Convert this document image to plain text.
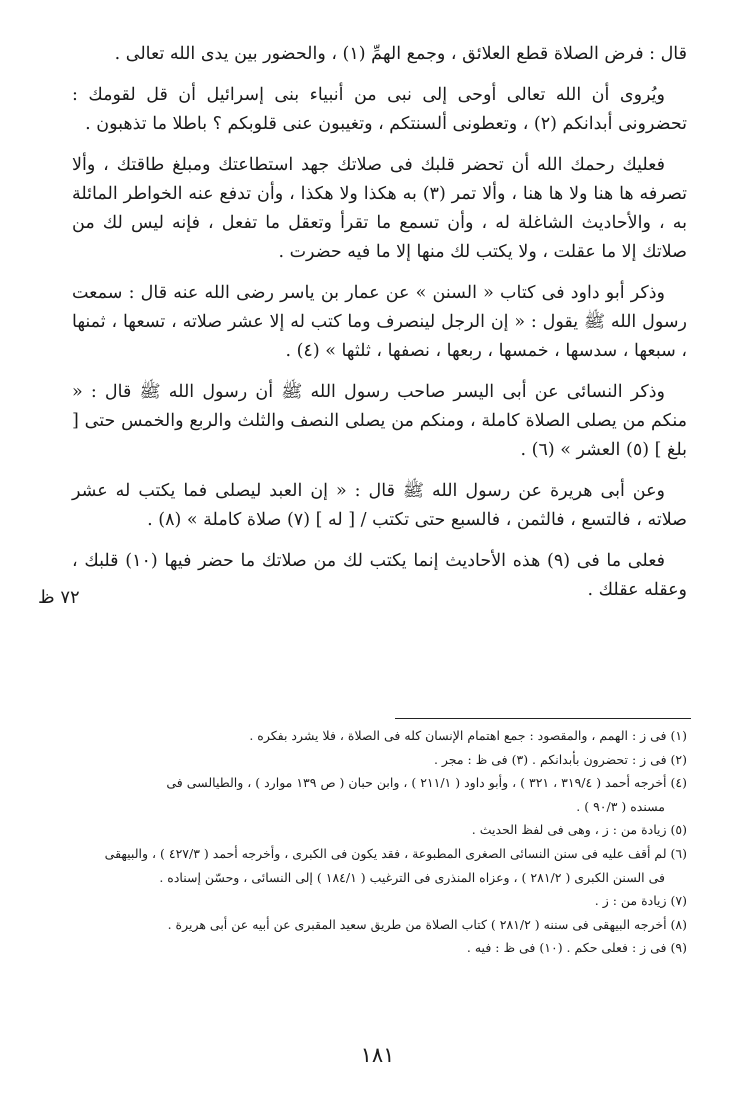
قال : فرض الصلاة قطع العلائق ، وجمع الهمِّ (١) ، والحضور بين يدى الله تعالى .

ويُروى أن الله تعالى أوحى إلى نبى من أنبياء بنى إسرائيل أن قل لقومك : تحضرونى أبدانكم (٢) ، وتعطونى ألسنتكم ، وتغيبون عنى قلوبكم ؟ باطلا ما تذهبون .

فعليك رحمك الله أن تحضر قلبك فى صلاتك جهد استطاعتك ومبلغ طاقتك ، وألا تصرفه ها هنا ولا ها هنا ، وألا تمر (٣) به هكذا ولا هكذا ، وأن تدفع عنه الخواطر المائلة به ، والأحاديث الشاغلة له ، وأن تسمع ما تقرأ وتعقل ما تفعل ، فإنه ليس لك من صلاتك إلا ما عقلت ، ولا يكتب لك منها إلا ما فيه حضرت .

وذكر أبو داود فى كتاب « السنن » عن عمار بن ياسر رضى الله عنه قال : سمعت رسول الله ﷺ يقول : « إن الرجل لينصرف وما كتب له إلا عشر صلاته ، تسعها ، ثمنها ، سبعها ، سدسها ، خمسها ، ربعها ، نصفها ، ثلثها » (٤) .

وذكر النسائى عن أبى اليسر صاحب رسول الله ﷺ أن رسول الله ﷺ قال : « منكم من يصلى الصلاة كاملة ، ومنكم من يصلى النصف والثلث والربع والخمس حتى [ بلغ ] (٥) العشر » (٦) .

وعن أبى هريرة عن رسول الله ﷺ قال : « إن العبد ليصلى فما يكتب له عشر صلاته ، فالتسع ، فالثمن ، فالسبع حتى تكتب / [ له ] (٧) صلاة كاملة » (٨) .

فعلى ما فى (٩) هذه الأحاديث إنما يكتب لك من صلاتك ما حضر فيها (١٠) قلبك ، وعقله عقلك .

٧٢ ظ
(١) فى ز : الهمم ، والمقصود : جمع اهتمام الإنسان كله فى الصلاة ، فلا يشرد بفكره .
(٢) فى ز : تحضرون بأبدانكم . (٣) فى ظ : مجر .
(٤) أخرجه أحمد ( ٣١٩/٤ ، ٣٢١ ) ، وأبو داود ( ٢١١/١ ) ، وابن حبان ( ص ١٣٩ موارد ) ، والطيالسى فى
مسنده ( ٩٠/٣ ) .
(٥) زيادة من : ز ، وهى فى لفظ الحديث .
(٦) لم أقف عليه فى سنن النسائى الصغرى المطبوعة ، فقد يكون فى الكبرى ، وأخرجه أحمد ( ٤٢٧/٣ ) ، والبيهقى
فى السنن الكبرى ( ٢٨١/٢ ) ، وعزاه المنذرى فى الترغيب ( ١٨٤/١ ) إلى النسائى ، وحسّن إسناده .
(٧) زيادة من : ز .
(٨) أخرجه البيهقى فى سننه ( ٢٨١/٢ ) كتاب الصلاة من طريق سعيد المقبرى عن أبيه عن أبى هريرة .
(٩) فى ز : فعلى حكم . (١٠) فى ظ : فيه .
١٨١
